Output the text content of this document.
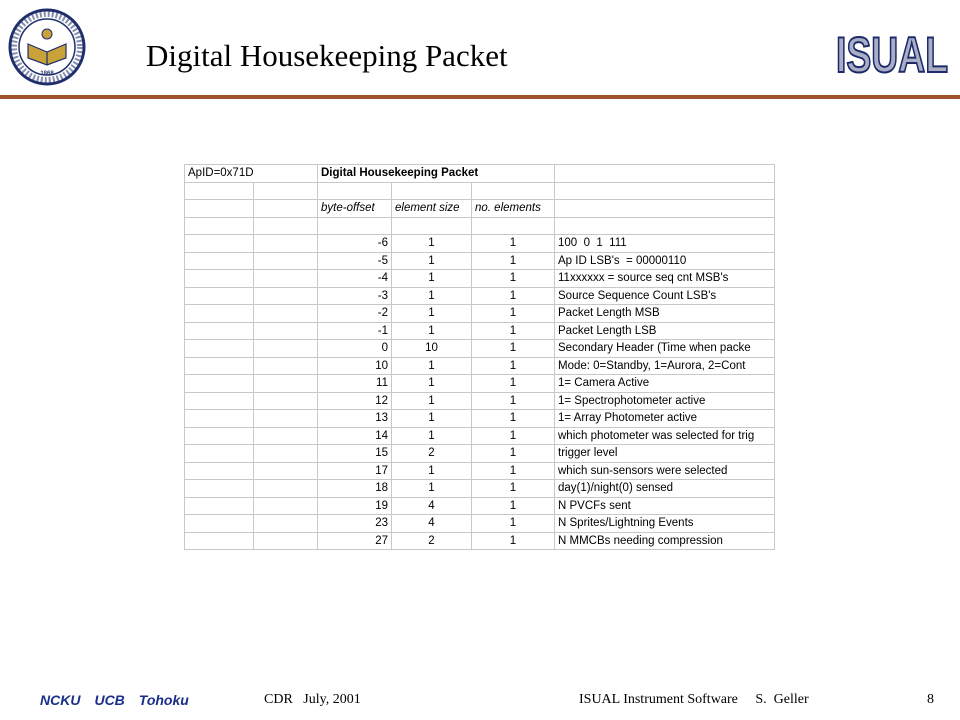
1868
Digital Housekeeping Packet	ISUAL
ApID=0x71D		Digital Housekeeping Packet			

		byte-offset	element size	no. elements	

		-6	1	1	100  0  1  111
		-5	1	1	Ap ID LSB's  = 00000110
		-4	1	1	11xxxxxx = source seq cnt MSB's
		-3	1	1	Source Sequence Count LSB's
		-2	1	1	Packet Length MSB
		-1	1	1	Packet Length LSB
		0	10	1	Secondary Header (Time when packe
		10	1	1	Mode: 0=Standby, 1=Aurora, 2=Cont
		11	1	1	1= Camera Active
		12	1	1	1= Spectrophotometer active
		13	1	1	1= Array Photometer active
		14	1	1	which photometer was selected for trig
		15	2	1	trigger level
		17	1	1	which sun-sensors were selected
		18	1	1	day(1)/night(0) sensed
		19	4	1	N PVCFs sent
		23	4	1	N Sprites/Lightning Events
		27	2	1	N MMCBs needing compression
NCKU UCB Tohoku	CDR   July, 2001	ISUAL Instrument Software     S.  Geller	8
